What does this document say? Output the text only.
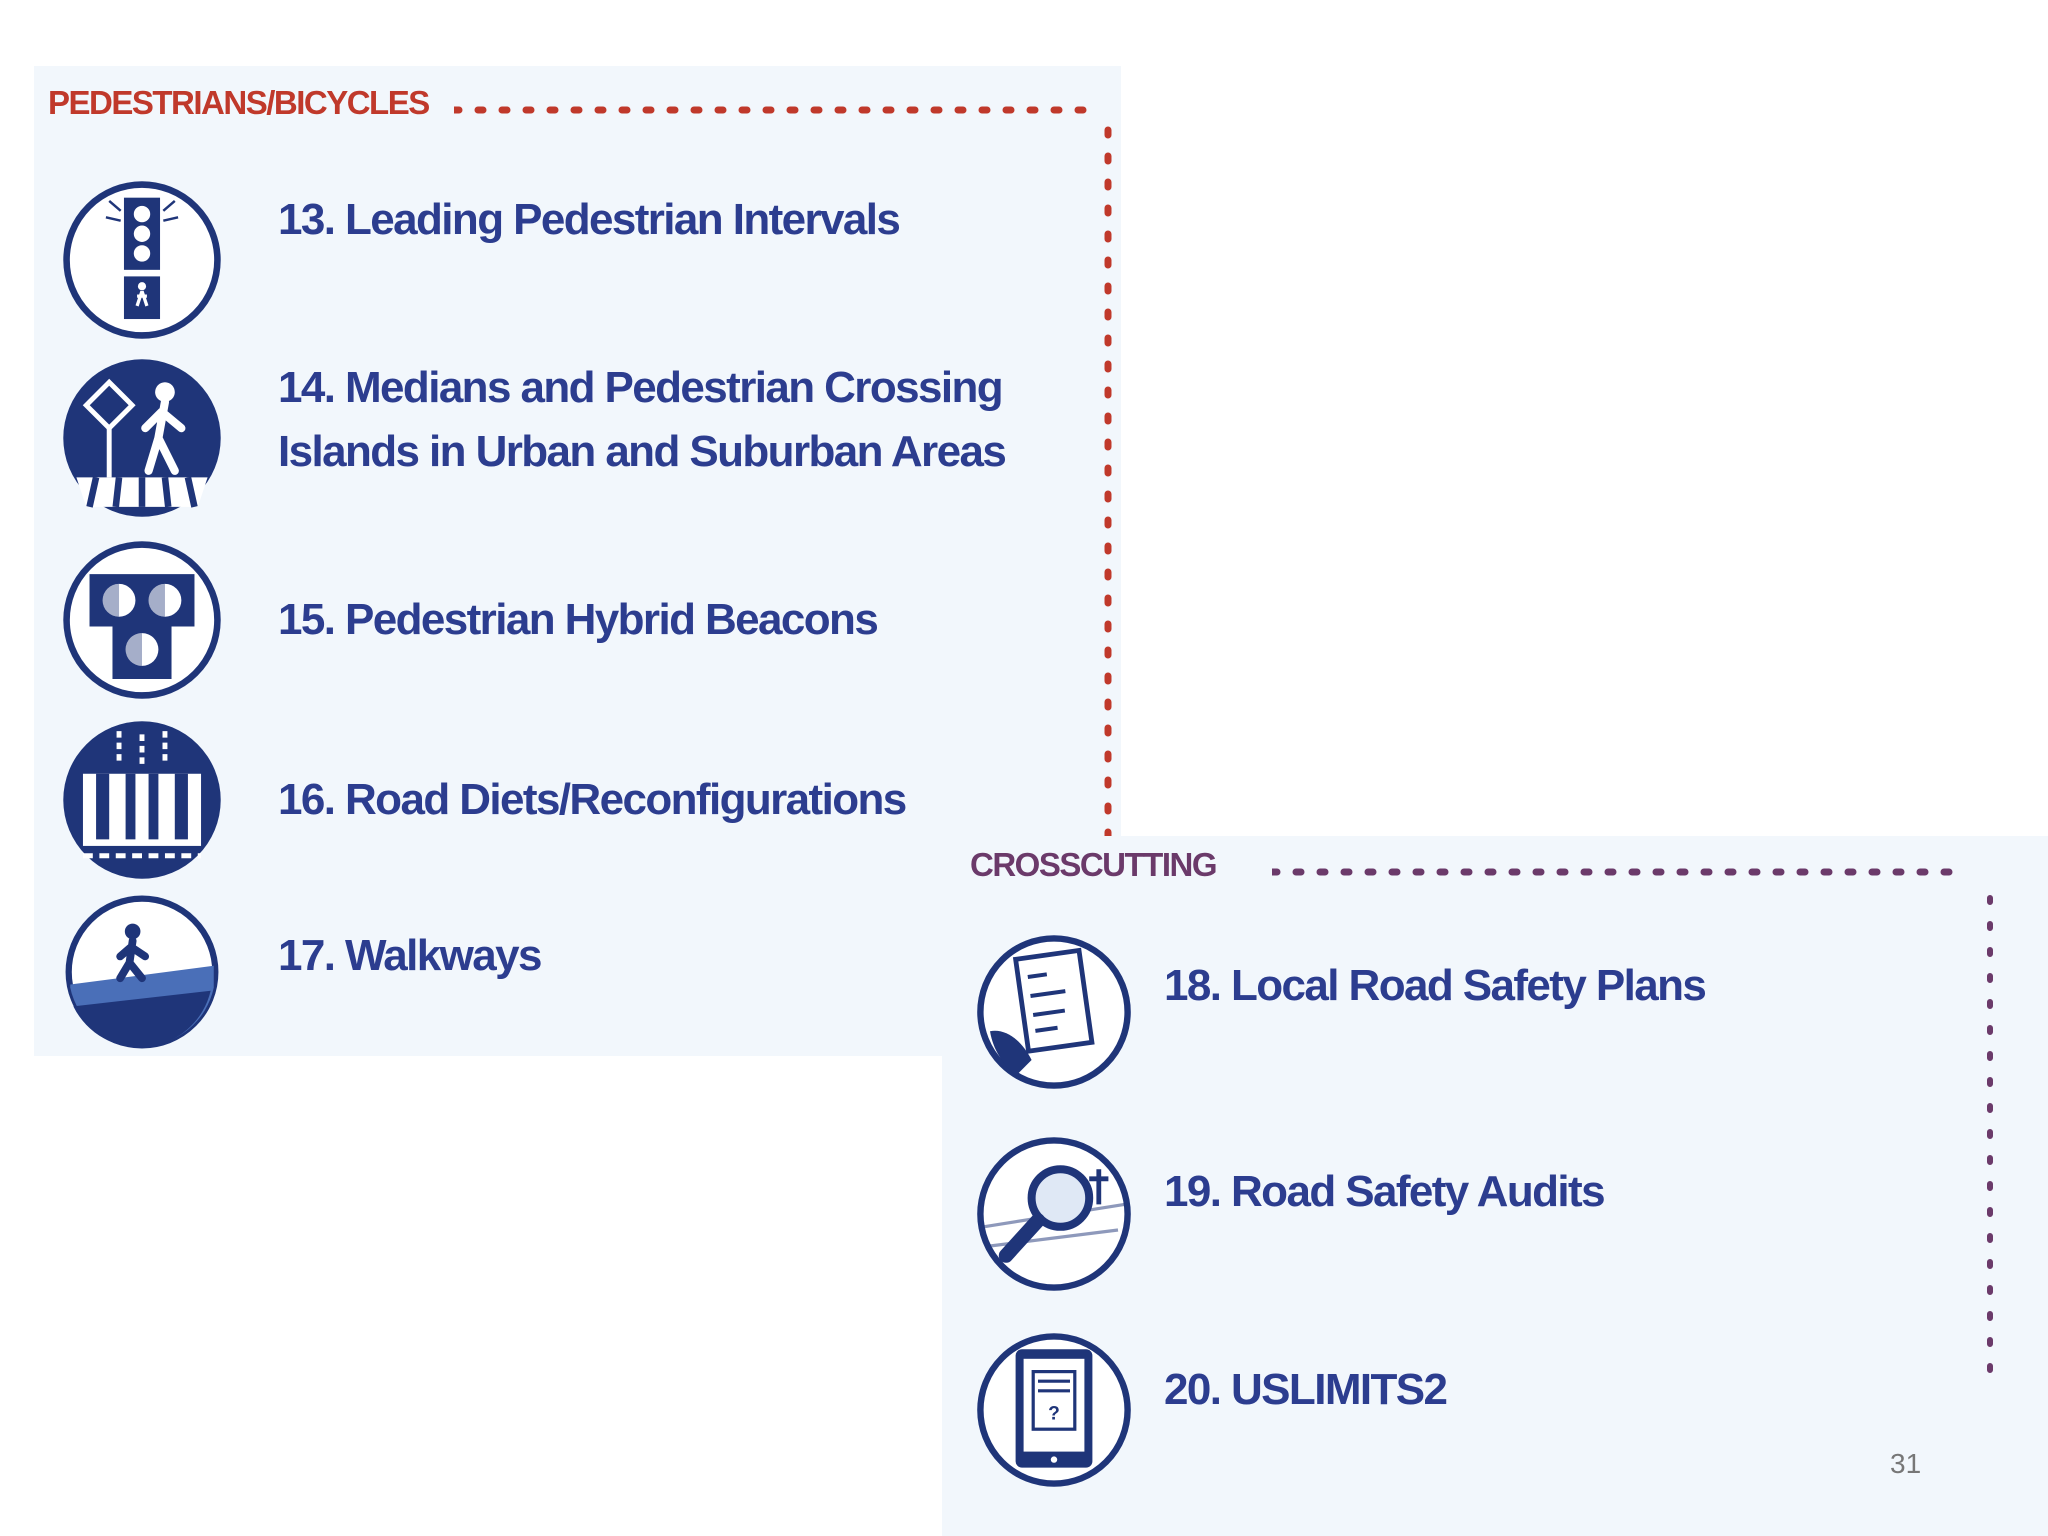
PEDESTRIANS/BICYCLES
13. Leading Pedestrian Intervals
14. Medians and Pedestrian Crossing
Islands in Urban and Suburban Areas
15. Pedestrian Hybrid Beacons
16. Road Diets/Reconfigurations
17. Walkways
CROSSCUTTING
18. Local Road Safety Plans
19. Road Safety Audits
?
20. USLIMITS2
31
